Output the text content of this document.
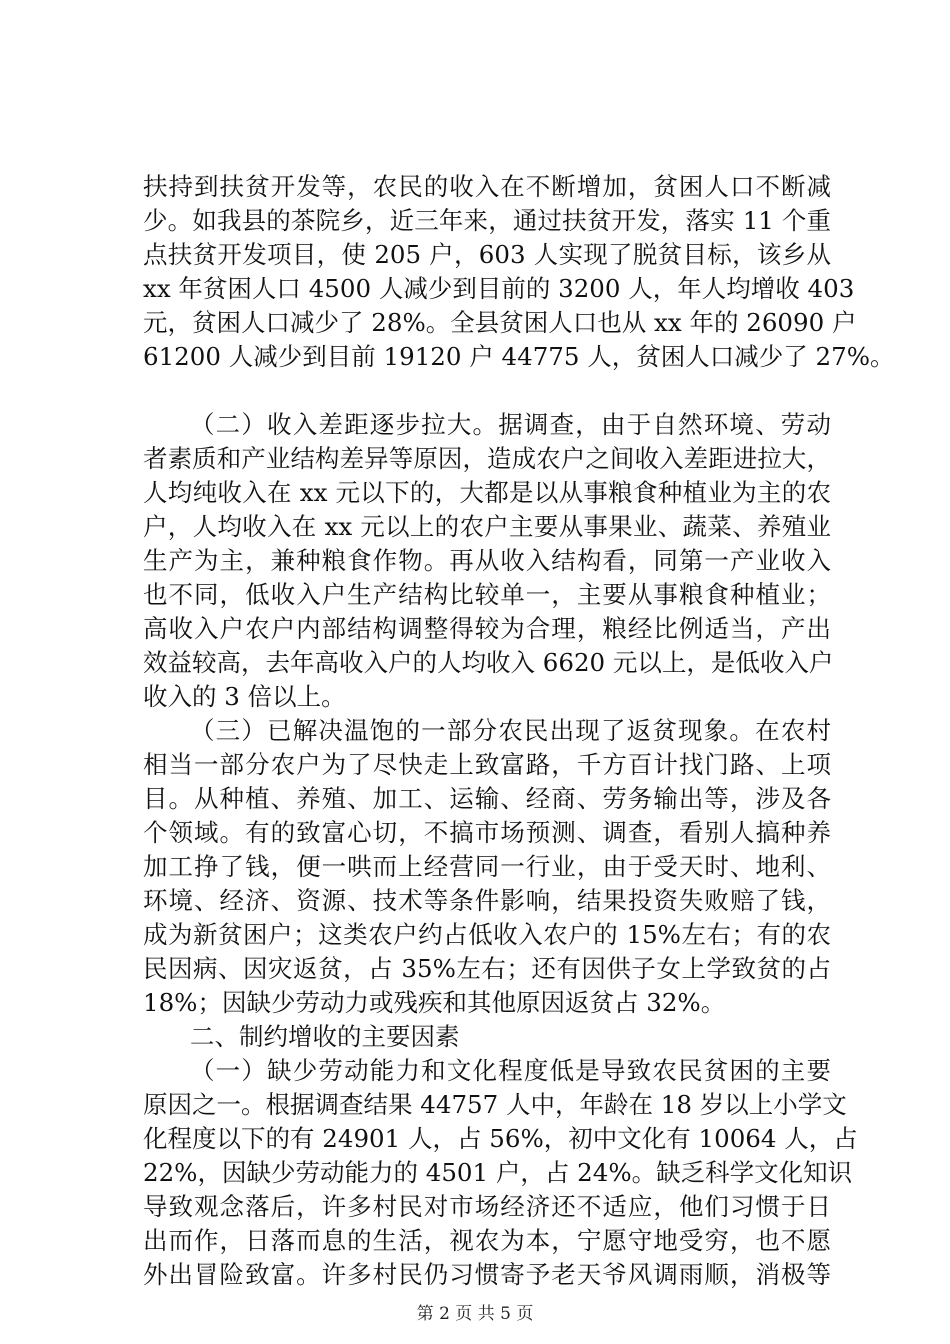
扶持到扶贫开发等，农民的收入在不断增加，贫困人口不断减
少。如我县的茶院乡，近三年来，通过扶贫开发，落实 11 个重
点扶贫开发项目，使 205 户，603 人实现了脱贫目标，该乡从
xx 年贫困人口 4500 人减少到目前的 3200 人，年人均增收 403
元，贫困人口减少了 28%。全县贫困人口也从 xx 年的 26090 户
61200 人减少到目前 19120 户 44775 人，贫困人口减少了 27%。
（二）收入差距逐步拉大。据调查，由于自然环境、劳动
者素质和产业结构差异等原因，造成农户之间收入差距进拉大，
人均纯收入在 xx 元以下的，大都是以从事粮食种植业为主的农
户，人均收入在 xx 元以上的农户主要从事果业、蔬菜、养殖业
生产为主，兼种粮食作物。再从收入结构看，同第一产业收入
也不同，低收入户生产结构比较单一，主要从事粮食种植业；
高收入户农户内部结构调整得较为合理，粮经比例适当，产出
效益较高，去年高收入户的人均收入 6620 元以上，是低收入户
收入的 3 倍以上。
（三）已解决温饱的一部分农民出现了返贫现象。在农村
相当一部分农户为了尽快走上致富路，千方百计找门路、上项
目。从种植、养殖、加工、运输、经商、劳务输出等，涉及各
个领域。有的致富心切，不搞市场预测、调查，看别人搞种养
加工挣了钱，便一哄而上经营同一行业，由于受天时、地利、
环境、经济、资源、技术等条件影响，结果投资失败赔了钱，
成为新贫困户；这类农户约占低收入农户的 15%左右；有的农
民因病、因灾返贫，占 35%左右；还有因供子女上学致贫的占
18%；因缺少劳动力或残疾和其他原因返贫占 32%。
二、制约增收的主要因素
（一）缺少劳动能力和文化程度低是导致农民贫困的主要
原因之一。根据调查结果 44757 人中，年龄在 18 岁以上小学文
化程度以下的有 24901 人，占 56%，初中文化有 10064 人，占
22%，因缺少劳动能力的 4501 户，占 24%。缺乏科学文化知识
导致观念落后，许多村民对市场经济还不适应，他们习惯于日
出而作，日落而息的生活，视农为本，宁愿守地受穷，也不愿
外出冒险致富。许多村民仍习惯寄予老天爷风调雨顺，消极等
第 2 页 共 5 页
